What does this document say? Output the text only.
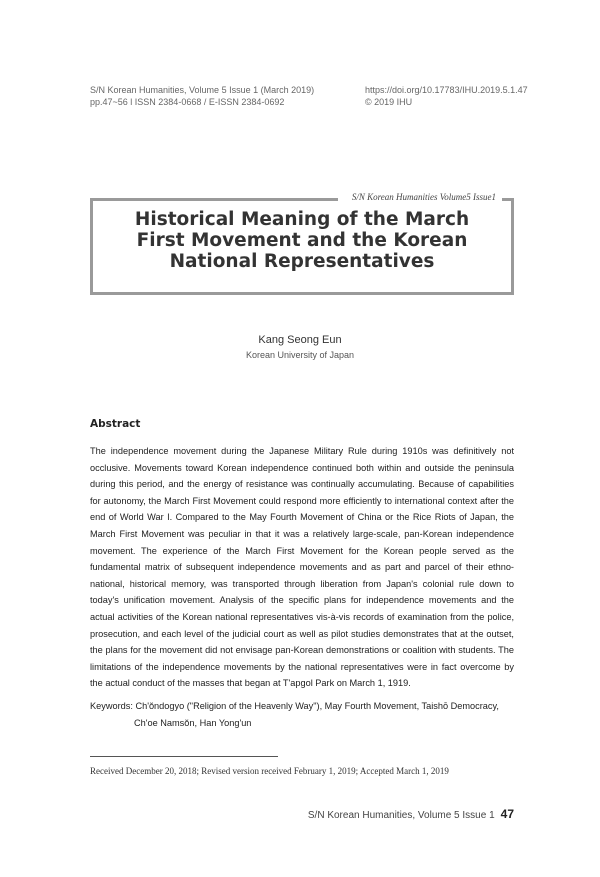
S/N Korean Humanities, Volume 5 Issue 1 (March 2019)
pp.47~56 l ISSN 2384-0668 / E-ISSN 2384-0692
https://doi.org/10.17783/IHU.2019.5.1.47
© 2019 IHU
S/N Korean Humanities Volume5 Issue1
Historical Meaning of the March First Movement and the Korean National Representatives
Kang Seong Eun
Korean University of Japan
Abstract
The independence movement during the Japanese Military Rule during 1910s was definitively not occlusive. Movements toward Korean independence continued both within and outside the peninsula during this period, and the energy of resistance was continually accumulating. Because of capabilities for autonomy, the March First Movement could respond more efficiently to international context after the end of World War I. Compared to the May Fourth Movement of China or the Rice Riots of Japan, the March First Movement was peculiar in that it was a relatively large-scale, pan-Korean independence movement. The experience of the March First Movement for the Korean people served as the fundamental matrix of subsequent independence movements and as part and parcel of their ethno-national, historical memory, was transported through liberation from Japan's colonial rule down to today's unification movement. Analysis of the specific plans for independence movements and the actual activities of the Korean national representatives vis-à-vis records of examination from the police, prosecution, and each level of the judicial court as well as pilot studies demonstrates that at the outset, the plans for the movement did not envisage pan-Korean demonstrations or coalition with students. The limitations of the independence movements by the national representatives were in fact overcome by the actual conduct of the masses that began at T'apgol Park on March 1, 1919.
Keywords: Ch'ŏndogyo ("Religion of the Heavenly Way"), May Fourth Movement, Taishō Democracy,
Ch'oe Namsŏn, Han Yong'un
Received December 20, 2018; Revised version received February 1, 2019; Accepted March 1, 2019
S/N Korean Humanities, Volume 5 Issue 1 47
